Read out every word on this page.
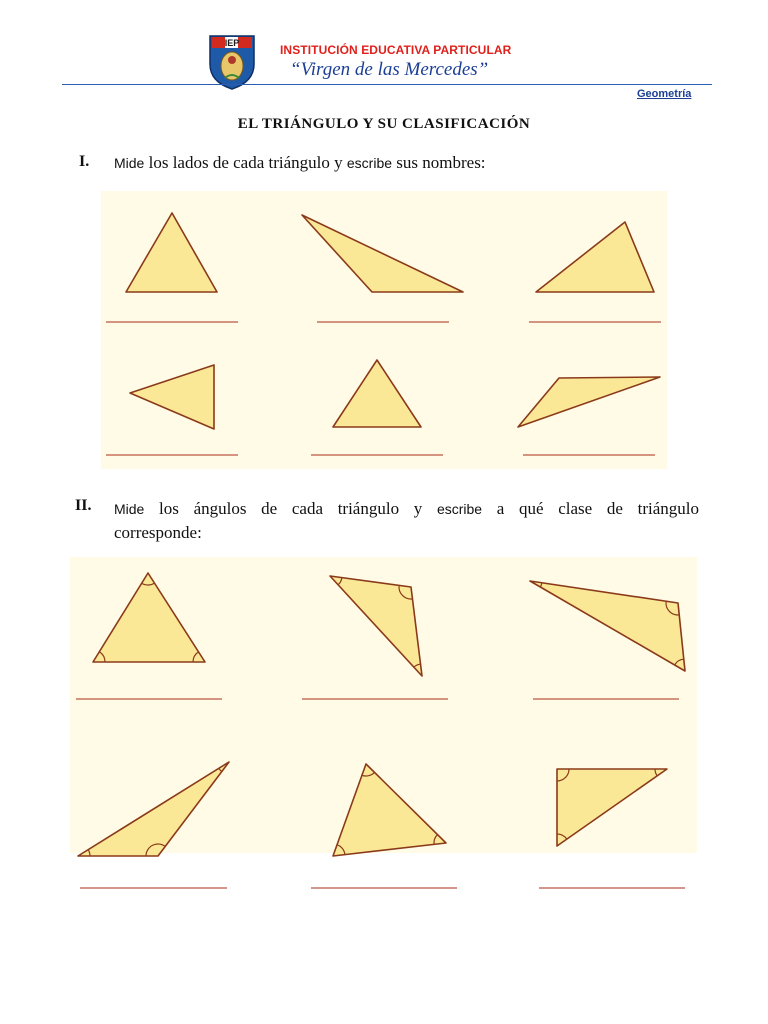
IEP	INSTITUCIÓN EDUCATIVA PARTICULAR
“Virgen de las Mercedes”
Geometría
EL TRIÁNGULO Y SU CLASIFICACIÓN
I. Mide los lados de cada triángulo y escribe sus nombres:
II. Mide los ángulos de cada triángulo y escribe a qué clase de triángulo
corresponde:
